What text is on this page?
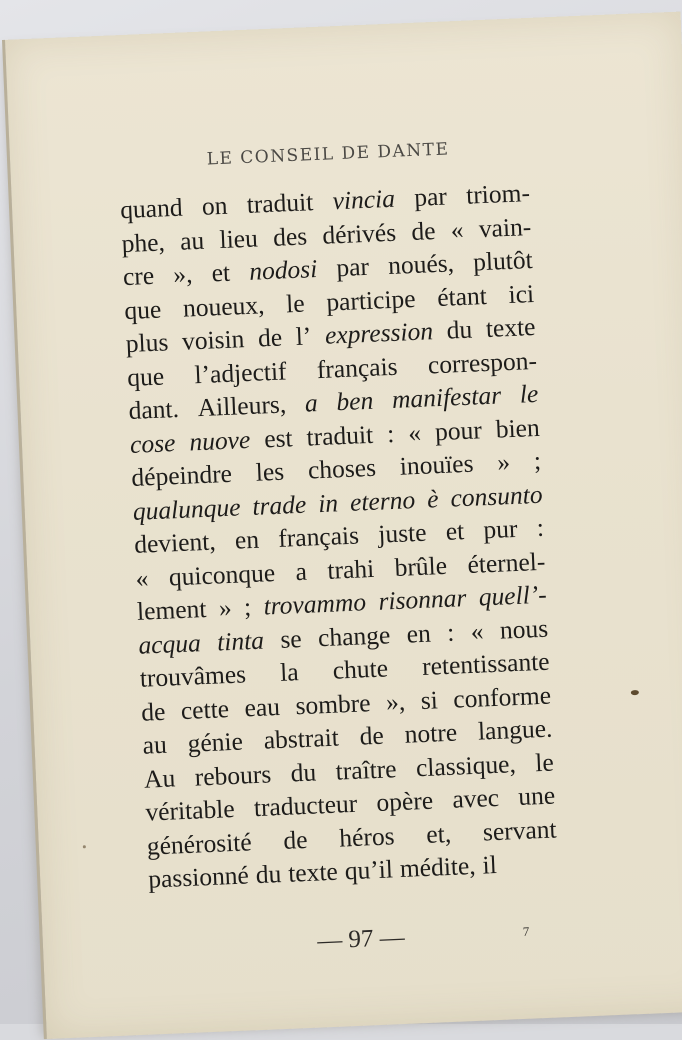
LE CONSEIL DE DANTE
quand on traduit vincia par triom-
phe, au lieu des dérivés de « vain-
cre », et nodosi par noués, plutôt
que noueux, le participe étant ici
plus voisin de l’ expression du texte
que l’adjectif français correspon-
dant. Ailleurs, a ben manifestar le
cose nuove est traduit : « pour bien
dépeindre les choses inouïes » ;
qualunque trade in eterno è consunto
devient, en français juste et pur :
« quiconque a trahi brûle éternel-
lement » ; trovammo risonnar quell’-
acqua tinta se change en : « nous
trouvâmes la chute retentissante
de cette eau sombre », si conforme
au génie abstrait de notre langue.
Au rebours du traître classique, le
véritable traducteur opère avec une
générosité de héros et, servant
passionné du texte qu’il médite, il
— 97 —	7
